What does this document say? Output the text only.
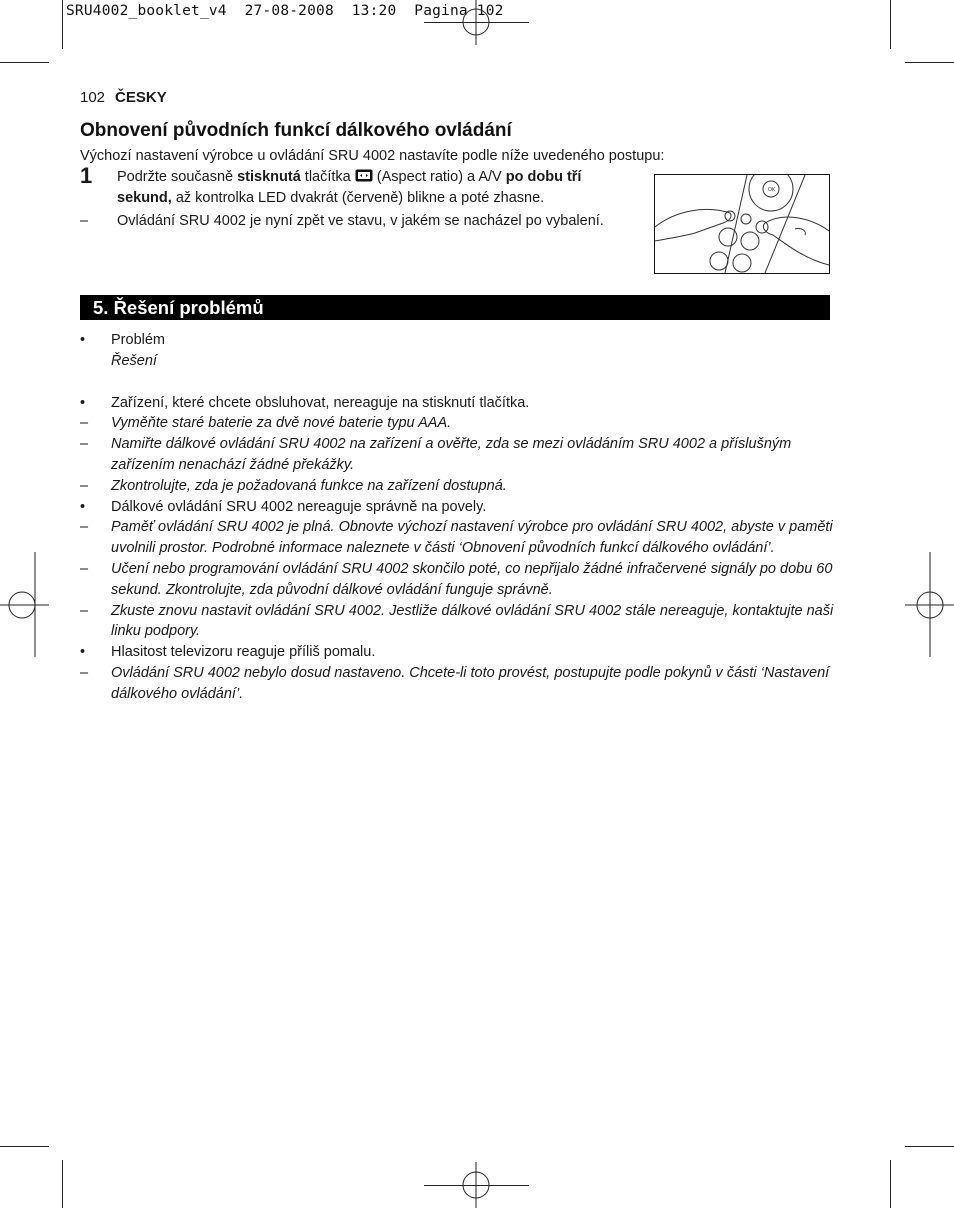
SRU4002_booklet_v4  27-08-2008  13:20  Pagina 102
102 ČESKY
Obnovení původních funkcí dálkového ovládání
Výchozí nastavení výrobce u ovládání SRU 4002 nastavíte podle níže uvedeného postupu:
1 Podržte současně stisknutá tlačítka  (Aspect ratio) a A/V po dobu tří sekund, až kontrolka LED dvakrát (červeně) blikne a poté zhasne.
–	Ovládání SRU 4002 je nyní zpět ve stavu, v jakém se nacházel po vybalení.
OK
5. Řešení problémů
•	Problém
Řešení
•	Zařízení, které chcete obsluhovat, nereaguje na stisknutí tlačítka.
–	Vyměňte staré baterie za dvě nové baterie typu AAA.
–	Namiřte dálkové ovládání SRU 4002 na zařízení a ověřte, zda se mezi ovládáním SRU 4002 a příslušným zařízením nenachází žádné překážky.
–	Zkontrolujte, zda je požadovaná funkce na zařízení dostupná.
•	Dálkové ovládání SRU 4002 nereaguje správně na povely.
–	Paměť ovládání SRU 4002 je plná. Obnovte výchozí nastavení výrobce pro ovládání SRU 4002, abyste v paměti uvolnili prostor. Podrobné informace naleznete v části ‘Obnovení původních funkcí dálkového ovládání’.
–	Učení nebo programování ovládání SRU 4002 skončilo poté, co nepřijalo žádné infračervené signály po dobu 60 sekund. Zkontrolujte, zda původní dálkové ovládání funguje správně.
–	Zkuste znovu nastavit ovládání SRU 4002. Jestliže dálkové ovládání SRU 4002 stále nereaguje, kontaktujte naši linku podpory.
•	Hlasitost televizoru reaguje příliš pomalu.
–	Ovládání SRU 4002 nebylo dosud nastaveno. Chcete-li toto provést, postupujte podle pokynů v části ‘Nastavení dálkového ovládání’.
